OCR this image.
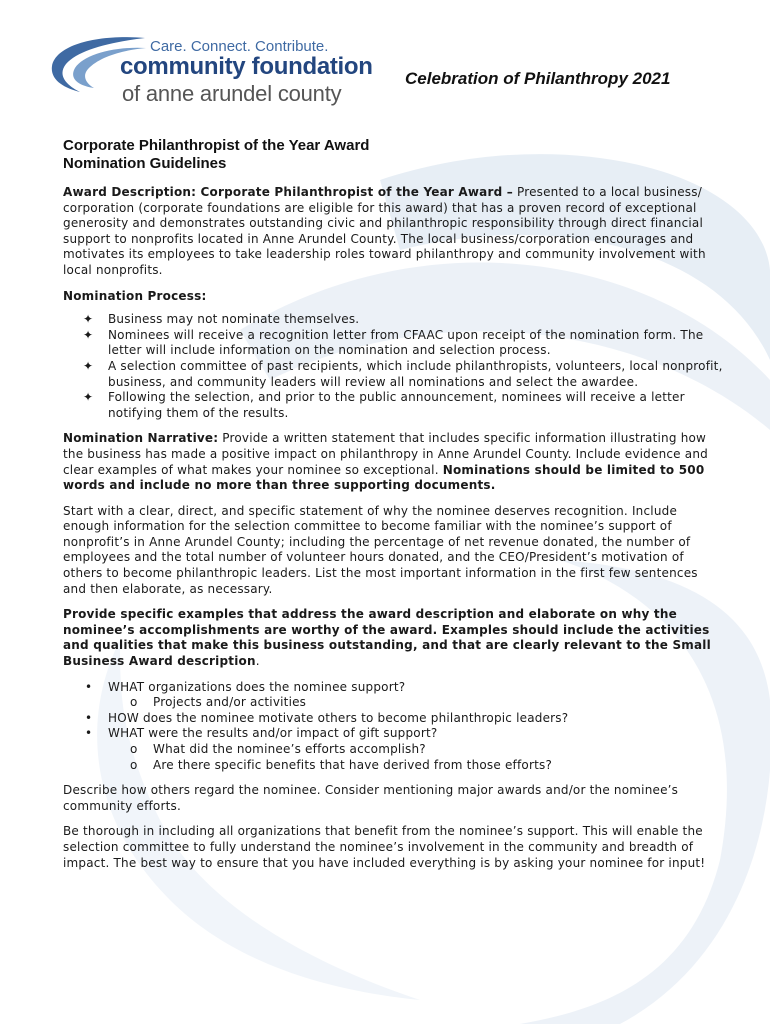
Care. Connect. Contribute.
community foundation
of anne arundel county
Celebration of Philanthropy 2021
Corporate Philanthropist of the Year Award
Nomination Guidelines

Award Description: Corporate Philanthropist of the Year Award – Presented to a local business/ corporation (corporate foundations are eligible for this award) that has a proven record of exceptional generosity and demonstrates outstanding civic and philanthropic responsibility through direct financial support to nonprofits located in Anne Arundel County. The local business/corporation encourages and motivates its employees to take leadership roles toward philanthropy and community involvement with local nonprofits.

Nomination Process:

✦ Business may not nominate themselves.
✦ Nominees will receive a recognition letter from CFAAC upon receipt of the nomination form. The letter will include information on the nomination and selection process.
✦ A selection committee of past recipients, which include philanthropists, volunteers, local nonprofit, business, and community leaders will review all nominations and select the awardee.
✦ Following the selection, and prior to the public announcement, nominees will receive a letter notifying them of the results.

Nomination Narrative: Provide a written statement that includes specific information illustrating how the business has made a positive impact on philanthropy in Anne Arundel County. Include evidence and clear examples of what makes your nominee so exceptional. Nominations should be limited to 500 words and include no more than three supporting documents.

Start with a clear, direct, and specific statement of why the nominee deserves recognition. Include enough information for the selection committee to become familiar with the nominee’s support of nonprofit’s in Anne Arundel County; including the percentage of net revenue donated, the number of employees and the total number of volunteer hours donated, and the CEO/President’s motivation of others to become philanthropic leaders. List the most important information in the first few sentences and then elaborate, as necessary.

Provide specific examples that address the award description and elaborate on why the nominee’s accomplishments are worthy of the award. Examples should include the activities and qualities that make this business outstanding, and that are clearly relevant to the Small Business Award description.

• WHAT organizations does the nominee support?
o Projects and/or activities
• HOW does the nominee motivate others to become philanthropic leaders?
• WHAT were the results and/or impact of gift support?
o What did the nominee’s efforts accomplish?
o Are there specific benefits that have derived from those efforts?

Describe how others regard the nominee. Consider mentioning major awards and/or the nominee’s community efforts.

Be thorough in including all organizations that benefit from the nominee’s support. This will enable the selection committee to fully understand the nominee’s involvement in the community and breadth of impact. The best way to ensure that you have included everything is by asking your nominee for input!
